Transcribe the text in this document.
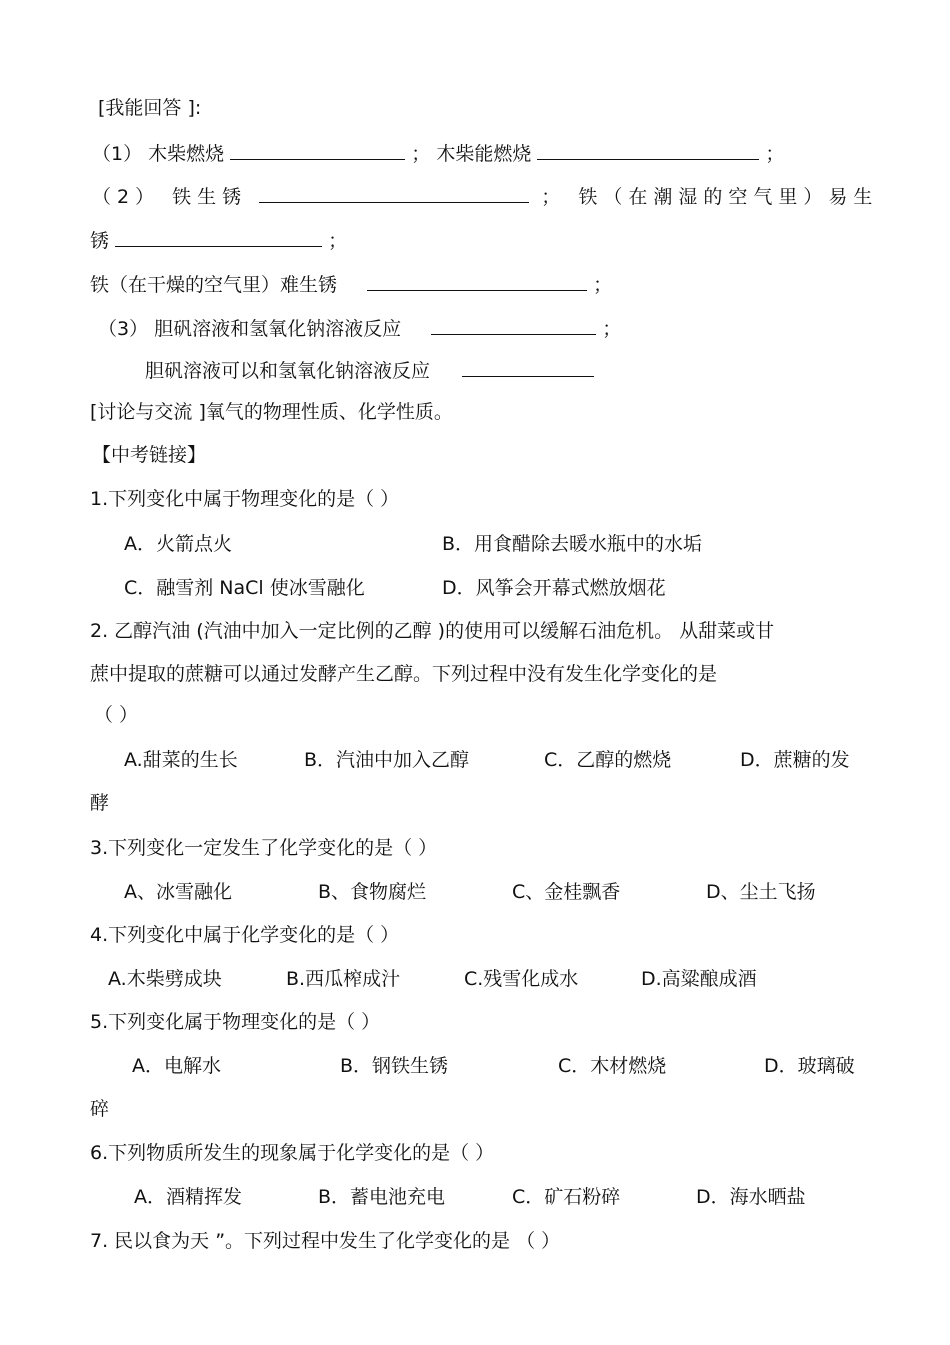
[我能回答 ]:
（1） 木柴燃烧	； 木柴能燃烧	；
（2） 铁生锈	； 铁（在潮湿的空气里）易生
锈	；
铁（在干燥的空气里）难生锈	；
（3） 胆矾溶液和氢氧化钠溶液反应	；
胆矾溶液可以和氢氧化钠溶液反应
[讨论与交流 ]氧气的物理性质、化学性质。
【中考链接】
1.下列变化中属于物理变化的是（ ）
A．火箭点火	B．用食醋除去暖水瓶中的水垢
C．融雪剂 NaCl 使冰雪融化	D．风筝会开幕式燃放烟花
2. 乙醇汽油 (汽油中加入一定比例的乙醇 )的使用可以缓解石油危机。 从甜菜或甘
蔗中提取的蔗糖可以通过发酵产生乙醇。下列过程中没有发生化学变化的是
（ ）
A.甜菜的生长	B．汽油中加入乙醇	C．乙醇的燃烧	D．蔗糖的发
酵
3.下列变化一定发生了化学变化的是（ ）
A、冰雪融化	B、食物腐烂	C、金桂飘香	D、尘土飞扬
4.下列变化中属于化学变化的是（ ）
A.木柴劈成块	B.西瓜榨成汁	C.残雪化成水	D.高粱酿成酒
5.下列变化属于物理变化的是（ ）
A．电解水	B．钢铁生锈	C．木材燃烧	D．玻璃破
碎
6.下列物质所发生的现象属于化学变化的是（ ）
A．酒精挥发	B．蓄电池充电	C．矿石粉碎	D．海水晒盐
7. 民以食为天 ”。下列过程中发生了化学变化的是 （ ）
